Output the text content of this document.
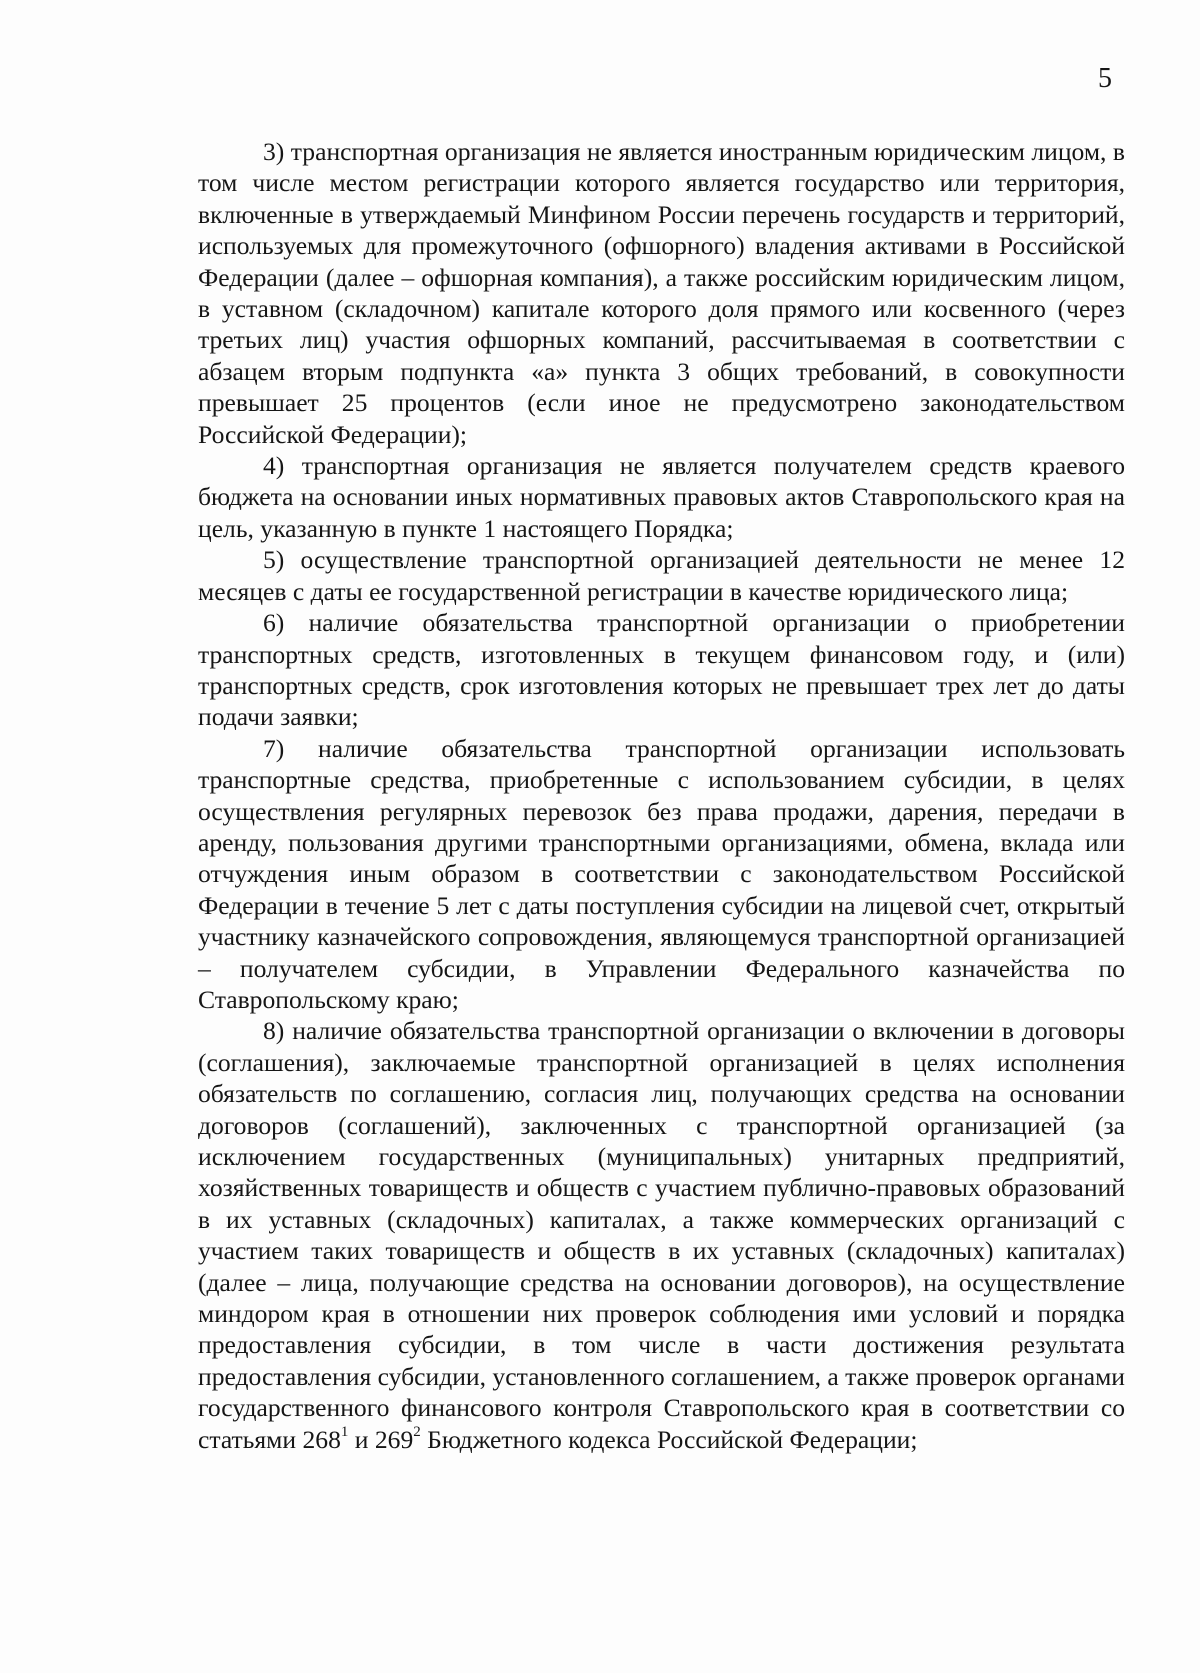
5

3) транспортная организация не является иностранным юридическим лицом, в том числе местом регистрации которого является государство или территория, включенные в утверждаемый Минфином России перечень государств и территорий, используемых для промежуточного (офшорного) владения активами в Российской Федерации (далее – офшорная компания), а также российским юридическим лицом, в уставном (складочном) капитале которого доля прямого или косвенного (через третьих лиц) участия офшорных компаний, рассчитываемая в соответствии с абзацем вторым подпункта «а» пункта 3 общих требований, в совокупности превышает 25 процентов (если иное не предусмотрено законодательством Российской Федерации);

4) транспортная организация не является получателем средств краевого бюджета на основании иных нормативных правовых актов Ставропольского края на цель, указанную в пункте 1 настоящего Порядка;

5) осуществление транспортной организацией деятельности не менее 12 месяцев с даты ее государственной регистрации в качестве юридического лица;

6) наличие обязательства транспортной организации о приобретении транспортных средств, изготовленных в текущем финансовом году, и (или) транспортных средств, срок изготовления которых не превышает трех лет до даты подачи заявки;

7) наличие обязательства транспортной организации использовать транспортные средства, приобретенные с использованием субсидии, в целях осуществления регулярных перевозок без права продажи, дарения, передачи в аренду, пользования другими транспортными организациями, обмена, вклада или отчуждения иным образом в соответствии с законодательством Российской Федерации в течение 5 лет с даты поступления субсидии на лицевой счет, открытый участнику казначейского сопровождения, являющемуся транспортной организацией – получателем субсидии, в Управлении Федерального казначейства по Ставропольскому краю;

8) наличие обязательства транспортной организации о включении в договоры (соглашения), заключаемые транспортной организацией в целях исполнения обязательств по соглашению, согласия лиц, получающих средства на основании договоров (соглашений), заключенных с транспортной организацией (за исключением государственных (муниципальных) унитарных предприятий, хозяйственных товариществ и обществ с участием публично-правовых образований в их уставных (складочных) капиталах, а также коммерческих организаций с участием таких товариществ и обществ в их уставных (складочных) капиталах) (далее – лица, получающие средства на основании договоров), на осуществление миндором края в отношении них проверок соблюдения ими условий и порядка предоставления субсидии, в том числе в части достижения результата предоставления субсидии, установленного соглашением, а также проверок органами государственного финансового контроля Ставропольского края в соответствии со статьями $268^1$ и $269^2$ Бюджетного кодекса Российской Федерации;
